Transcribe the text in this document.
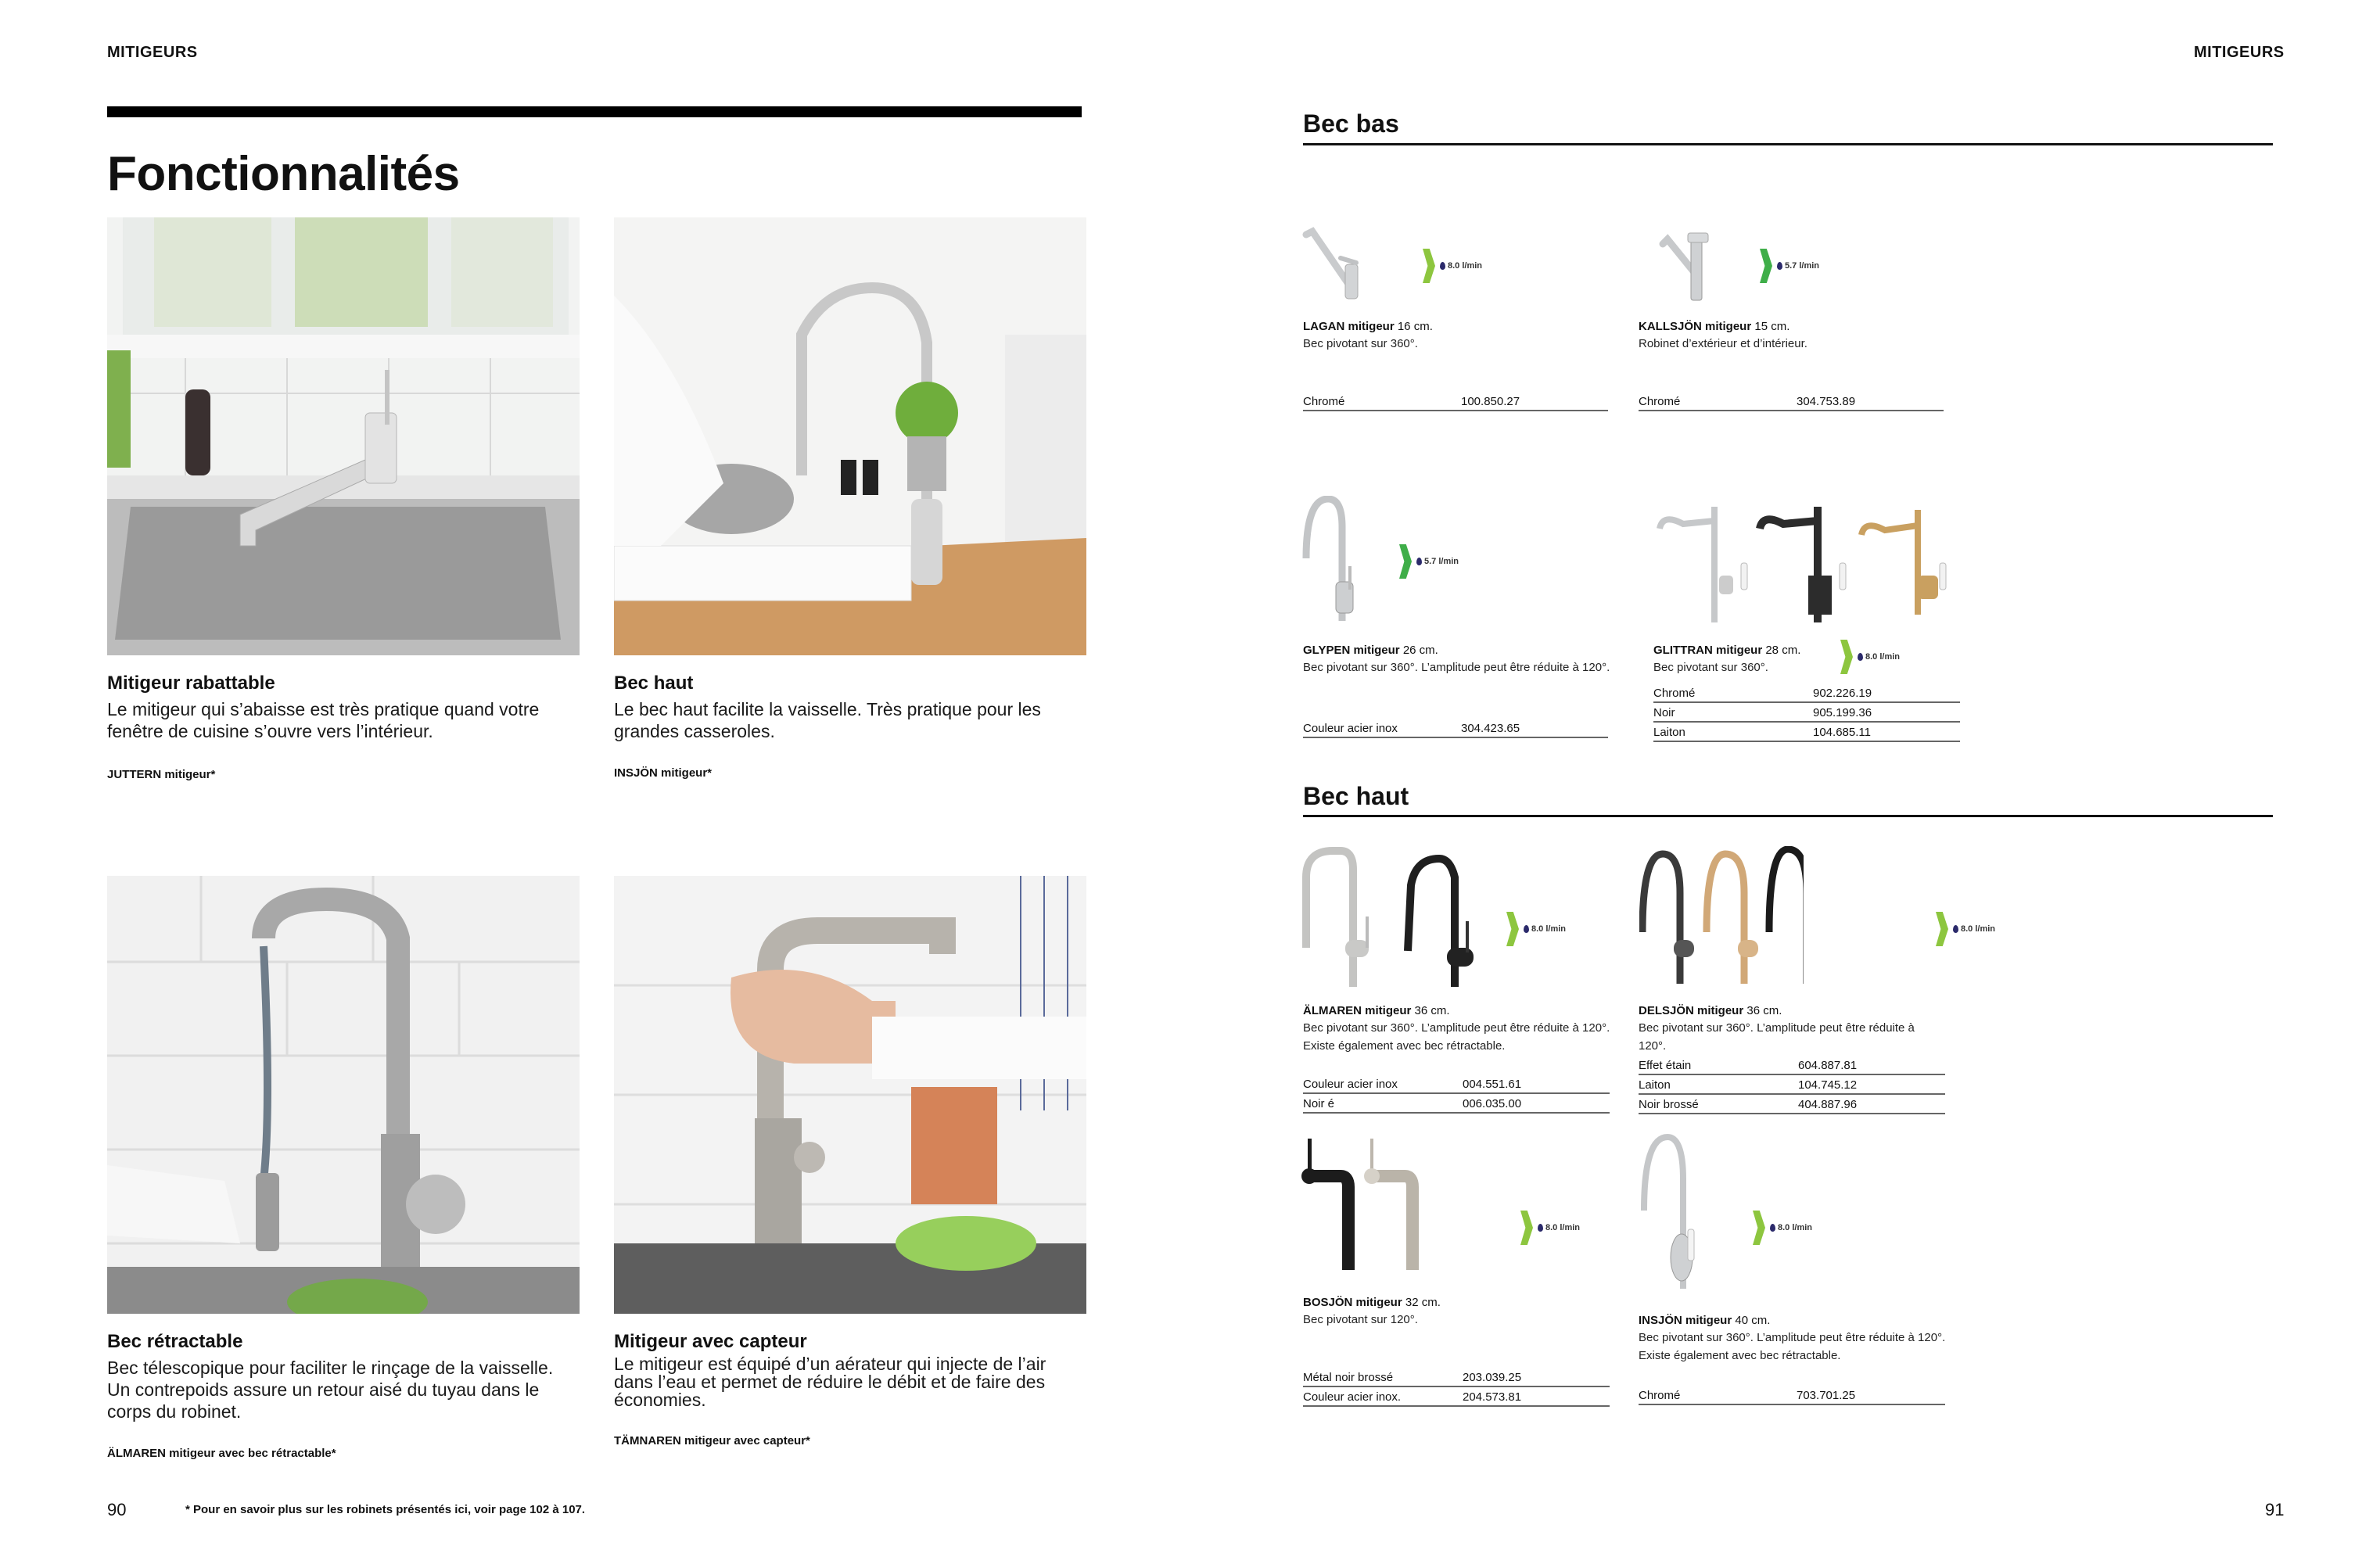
MITIGEURS
Fonctionnalités
Mitigeur rabattable
Le mitigeur qui s’abaisse est très pratique quand votre fenêtre de cuisine s’ouvre vers l’intérieur.
JUTTERN mitigeur*
Bec haut
Le bec haut facilite la vaisselle. Très pratique pour les grandes casseroles.
INSJÖN mitigeur*
Bec rétractable
Bec télescopique pour faciliter le rinçage de la vaisselle. Un contrepoids assure un retour aisé du tuyau dans le corps du robinet.
ÄLMAREN mitigeur avec bec rétractable*
Mitigeur avec capteur
Le mitigeur est équipé d’un aérateur qui injecte de l’air dans l’eau et permet de réduire le débit et de faire des économies.
TÄMNAREN mitigeur avec capteur*
90	* Pour en savoir plus sur les robinets présentés ici, voir page 102 à 107.
MITIGEURS
Bec bas
8.0 l/min
LAGAN mitigeur 16 cm.
Bec pivotant sur 360°.
Chromé	100.850.27
5.7 l/min
KALLSJÖN mitigeur 15 cm.
Robinet d’extérieur et d’intérieur.
Chromé	304.753.89
5.7 l/min
GLYPEN mitigeur 26 cm.
Bec pivotant sur 360°. L’amplitude peut être réduite à 120°.
Couleur acier inox	304.423.65
8.0 l/min
GLITTRAN mitigeur 28 cm.
Bec pivotant sur 360°.
Chromé	902.226.19
Noir	905.199.36
Laiton	104.685.11
Bec haut
8.0 l/min
ÄLMAREN mitigeur 36 cm.
Bec pivotant sur 360°. L’amplitude peut être réduite à 120°. Existe également avec bec rétractable.
Couleur acier inox	004.551.61
Noir é	006.035.00
8.0 l/min
DELSJÖN mitigeur 36 cm.
Bec pivotant sur 360°. L’amplitude peut être réduite à 120°.
Effet étain	604.887.81
Laiton	104.745.12
Noir brossé	404.887.96
8.0 l/min
BOSJÖN mitigeur 32 cm.
Bec pivotant sur 120°.
Métal noir brossé	203.039.25
Couleur acier inox.	204.573.81
8.0 l/min
INSJÖN mitigeur 40 cm.
Bec pivotant sur 360°. L’amplitude peut être réduite à 120°. Existe également avec bec rétractable.
Chromé	703.701.25
91
